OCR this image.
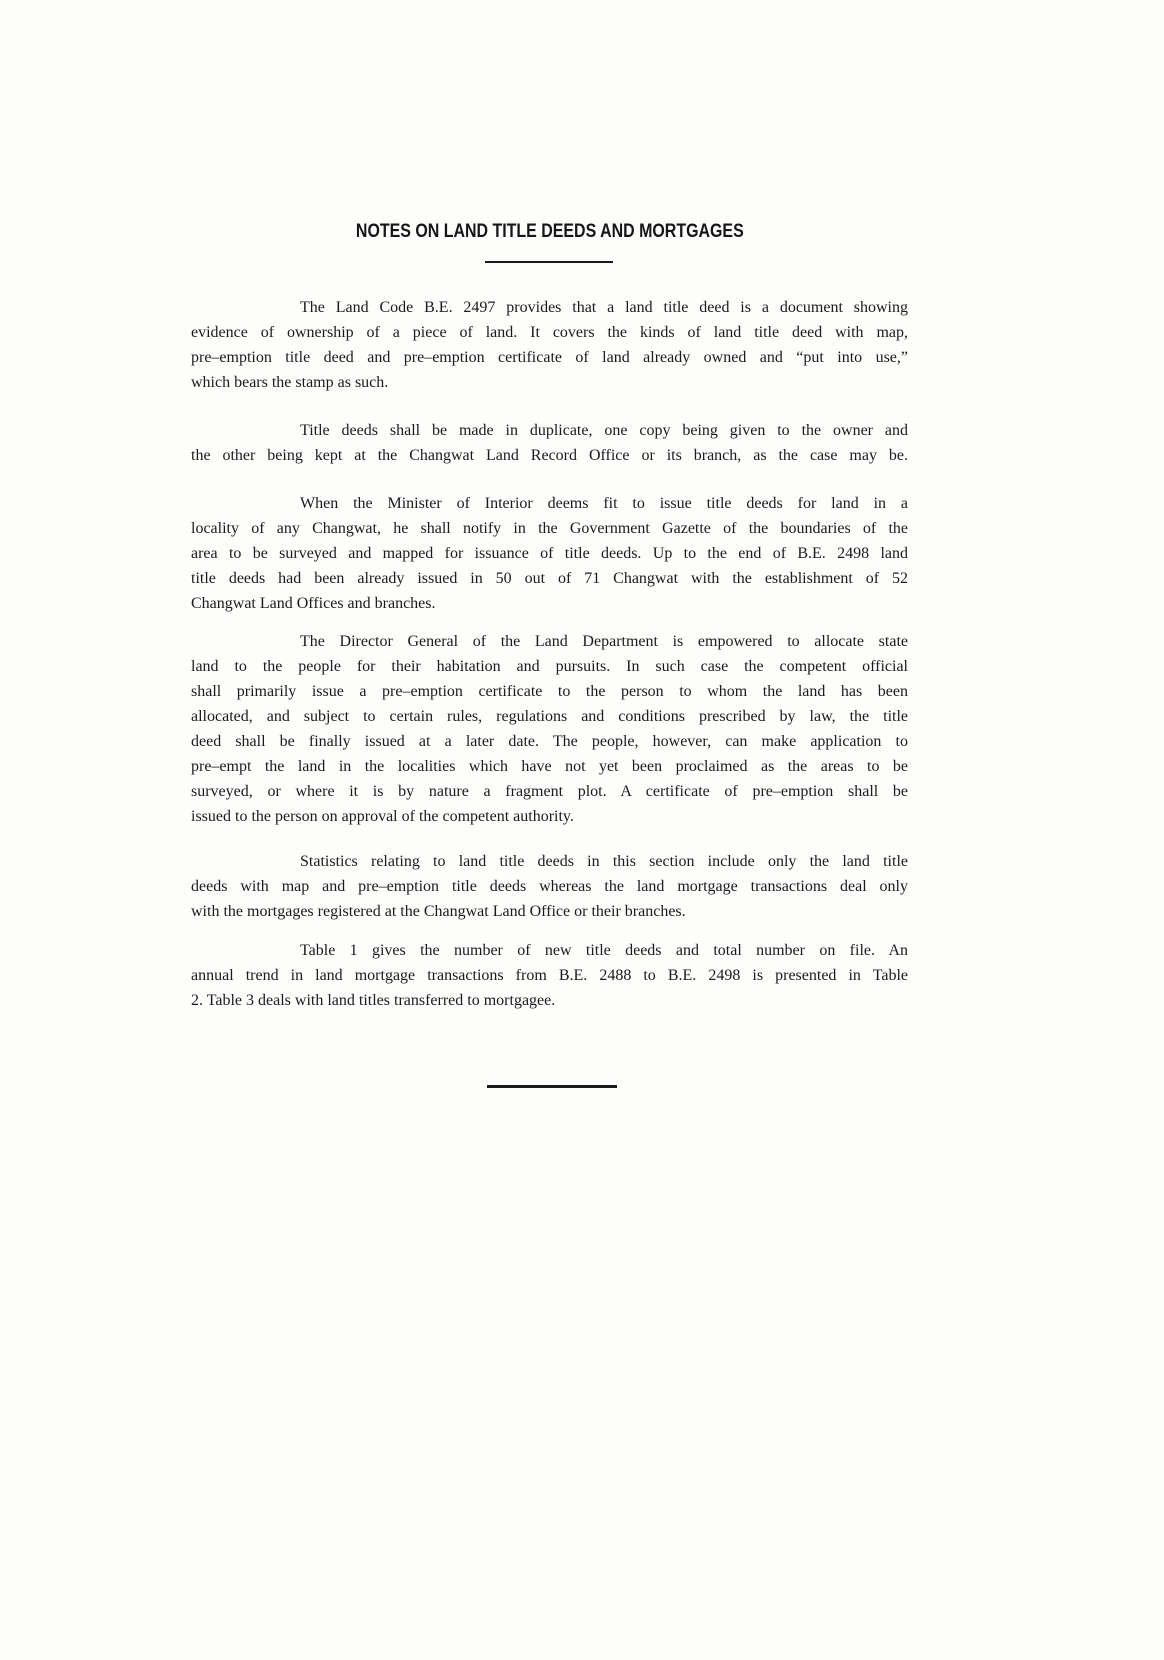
NOTES ON LAND TITLE DEEDS AND MORTGAGES
The Land Code B.E. 2497 provides that a land title deed is a document showing
evidence of ownership of a piece of land. It covers the kinds of land title deed with map,
pre–emption title deed and pre–emption certificate of land already owned and “put into use,”
which bears the stamp as such.
Title deeds shall be made in duplicate, one copy being given to the owner and
the other being kept at the Changwat Land Record Office or its branch, as the case may be.
When the Minister of Interior deems fit to issue title deeds for land in a
locality of any Changwat, he shall notify in the Government Gazette of the boundaries of the
area to be surveyed and mapped for issuance of title deeds. Up to the end of B.E. 2498 land
title deeds had been already issued in 50 out of 71 Changwat with the establishment of 52
Changwat Land Offices and branches.
The Director General of the Land Department is empowered to allocate state
land to the people for their habitation and pursuits. In such case the competent official
shall primarily issue a pre–emption certificate to the person to whom the land has been
allocated, and subject to certain rules, regulations and conditions prescribed by law, the title
deed shall be finally issued at a later date. The people, however, can make application to
pre–empt the land in the localities which have not yet been proclaimed as the areas to be
surveyed, or where it is by nature a fragment plot. A certificate of pre–emption shall be
issued to the person on approval of the competent authority.
Statistics relating to land title deeds in this section include only the land title
deeds with map and pre–emption title deeds whereas the land mortgage transactions deal only
with the mortgages registered at the Changwat Land Office or their branches.
Table 1 gives the number of new title deeds and total number on file. An
annual trend in land mortgage transactions from B.E. 2488 to B.E. 2498 is presented in Table
2. Table 3 deals with land titles transferred to mortgagee.
